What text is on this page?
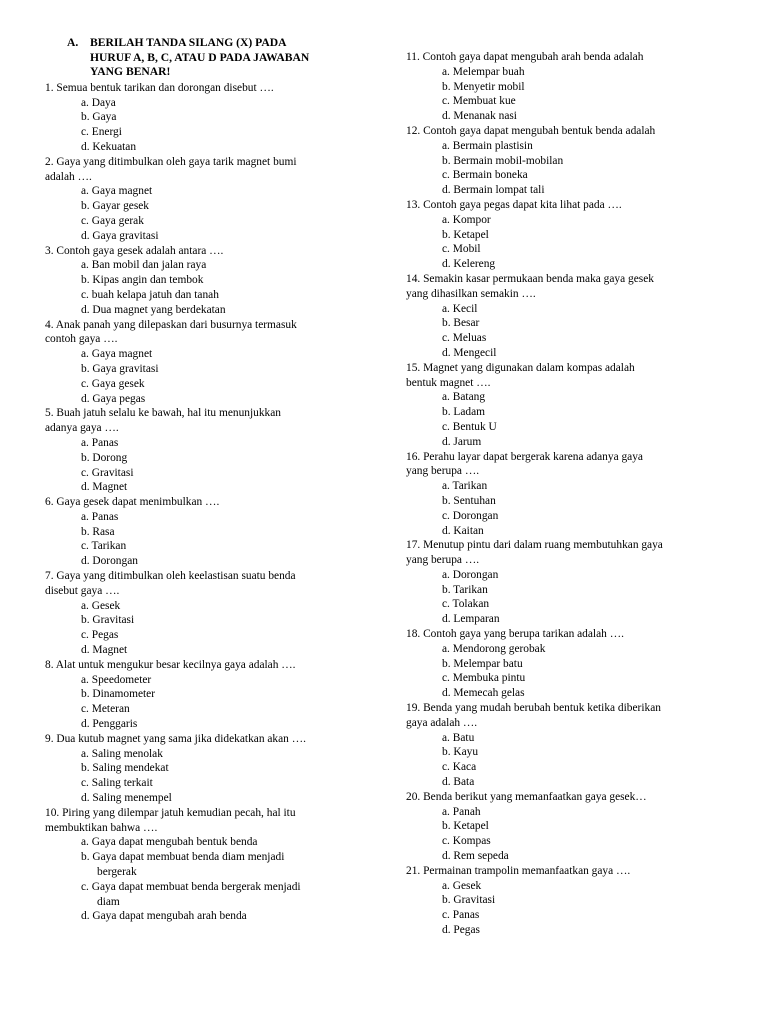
A. BERILAH TANDA SILANG (X) PADA
HURUF A, B, C, ATAU D PADA JAWABAN
YANG BENAR!
1. Semua bentuk tarikan dan dorongan disebut ….
a. Daya
b. Gaya
c. Energi
d. Kekuatan
2. Gaya yang ditimbulkan oleh gaya tarik magnet bumi
adalah ….
a. Gaya magnet
b. Gayar gesek
c. Gaya gerak
d. Gaya gravitasi
3. Contoh gaya gesek adalah antara ….
a. Ban mobil dan jalan raya
b. Kipas angin dan tembok
c. buah kelapa jatuh dan tanah
d. Dua magnet yang berdekatan
4. Anak panah yang dilepaskan dari busurnya termasuk
contoh gaya ….
a. Gaya magnet
b. Gaya gravitasi
c. Gaya gesek
d. Gaya pegas
5. Buah jatuh selalu ke bawah, hal itu menunjukkan
adanya gaya ….
a. Panas
b. Dorong
c. Gravitasi
d. Magnet
6. Gaya gesek dapat menimbulkan ….
a. Panas
b. Rasa
c. Tarikan
d. Dorongan
7. Gaya yang ditimbulkan oleh keelastisan suatu benda
disebut gaya ….
a. Gesek
b. Gravitasi
c. Pegas
d. Magnet
8. Alat untuk mengukur besar kecilnya gaya adalah ….
a. Speedometer
b. Dinamometer
c. Meteran
d. Penggaris
9. Dua kutub magnet yang sama jika didekatkan akan ….
a. Saling menolak
b. Saling mendekat
c. Saling terkait
d. Saling menempel
10. Piring yang dilempar jatuh kemudian pecah, hal itu
membuktikan bahwa ….
a. Gaya dapat mengubah bentuk benda
b. Gaya dapat membuat benda diam menjadi
bergerak
c. Gaya dapat membuat benda bergerak menjadi
diam
d. Gaya dapat mengubah arah benda
11. Contoh gaya dapat mengubah arah benda adalah
a. Melempar buah
b. Menyetir mobil
c. Membuat kue
d. Menanak nasi
12. Contoh gaya dapat mengubah bentuk benda adalah
a. Bermain plastisin
b. Bermain mobil-mobilan
c. Bermain boneka
d. Bermain lompat tali
13. Contoh gaya pegas dapat kita lihat pada ….
a. Kompor
b. Ketapel
c. Mobil
d. Kelereng
14. Semakin kasar permukaan benda maka gaya gesek
yang dihasilkan semakin ….
a. Kecil
b. Besar
c. Meluas
d. Mengecil
15. Magnet yang digunakan dalam kompas adalah
bentuk magnet ….
a. Batang
b. Ladam
c. Bentuk U
d. Jarum
16. Perahu layar dapat bergerak karena adanya gaya
yang berupa ….
a. Tarikan
b. Sentuhan
c. Dorongan
d. Kaitan
17. Menutup pintu dari dalam ruang membutuhkan gaya
yang berupa ….
a. Dorongan
b. Tarikan
c. Tolakan
d. Lemparan
18. Contoh gaya yang berupa tarikan adalah ….
a. Mendorong gerobak
b. Melempar batu
c. Membuka pintu
d. Memecah gelas
19. Benda yang mudah berubah bentuk ketika diberikan
gaya adalah ….
a. Batu
b. Kayu
c. Kaca
d. Bata
20. Benda berikut yang memanfaatkan gaya gesek…
a. Panah
b. Ketapel
c. Kompas
d. Rem sepeda
21. Permainan trampolin memanfaatkan gaya ….
a. Gesek
b. Gravitasi
c. Panas
d. Pegas
